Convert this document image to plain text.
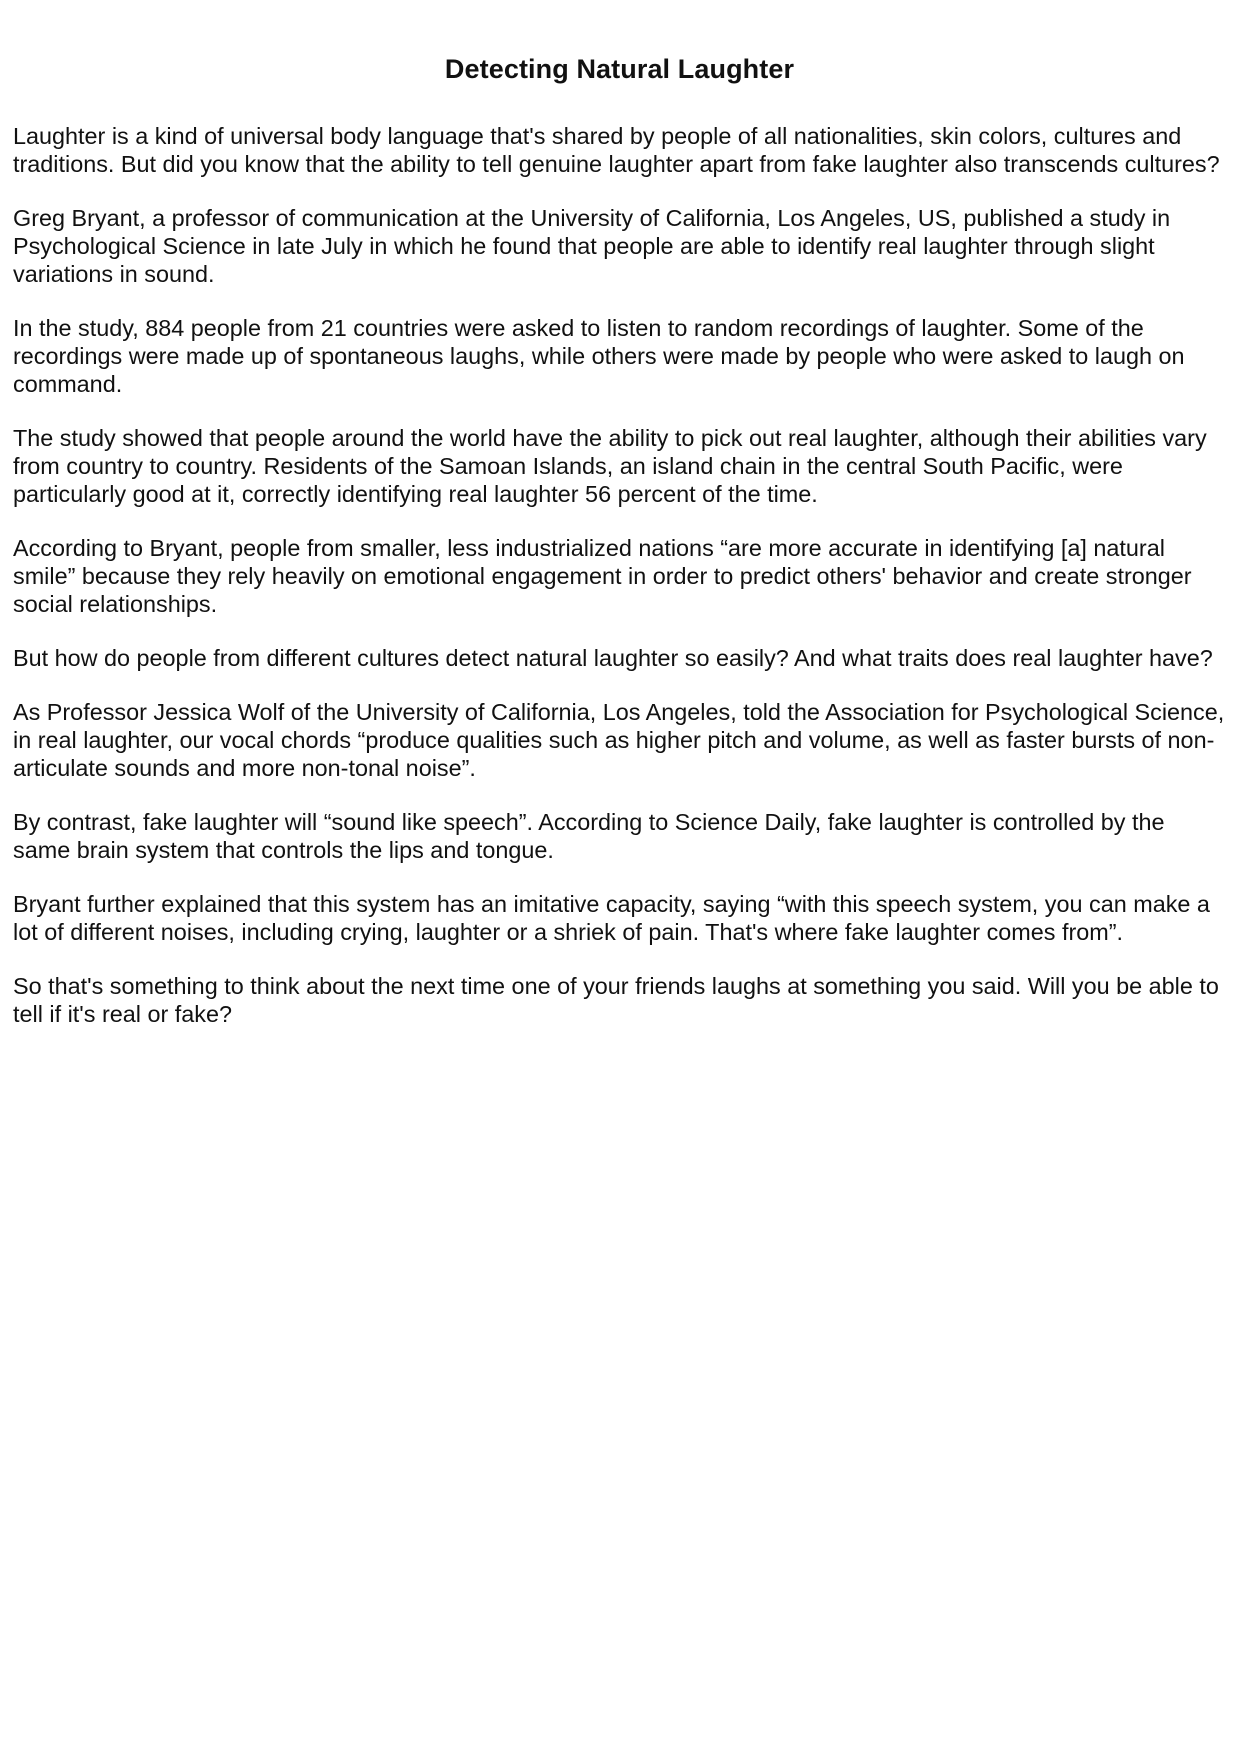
Detecting Natural Laughter

Laughter is a kind of universal body language that's shared by people of all nationalities, skin colors, cultures and traditions. But did you know that the ability to tell genuine laughter apart from fake laughter also transcends cultures?

Greg Bryant, a professor of communication at the University of California, Los Angeles, US, published a study in Psychological Science in late July in which he found that people are able to identify real laughter through slight variations in sound.

In the study, 884 people from 21 countries were asked to listen to random recordings of laughter. Some of the recordings were made up of spontaneous laughs, while others were made by people who were asked to laugh on command.

The study showed that people around the world have the ability to pick out real laughter, although their abilities vary from country to country. Residents of the Samoan Islands, an island chain in the central South Pacific, were particularly good at it, correctly identifying real laughter 56 percent of the time.

According to Bryant, people from smaller, less industrialized nations “are more accurate in identifying [a] natural smile” because they rely heavily on emotional engagement in order to predict others' behavior and create stronger social relationships.

But how do people from different cultures detect natural laughter so easily? And what traits does real laughter have?

As Professor Jessica Wolf of the University of California, Los Angeles, told the Association for Psychological Science, in real laughter, our vocal chords “produce qualities such as higher pitch and volume, as well as faster bursts of non-articulate sounds and more non-tonal noise”.

By contrast, fake laughter will “sound like speech”. According to Science Daily, fake laughter is controlled by the same brain system that controls the lips and tongue.

Bryant further explained that this system has an imitative capacity, saying “with this speech system, you can make a lot of different noises, including crying, laughter or a shriek of pain. That's where fake laughter comes from”.

So that's something to think about the next time one of your friends laughs at something you said. Will you be able to tell if it's real or fake?
